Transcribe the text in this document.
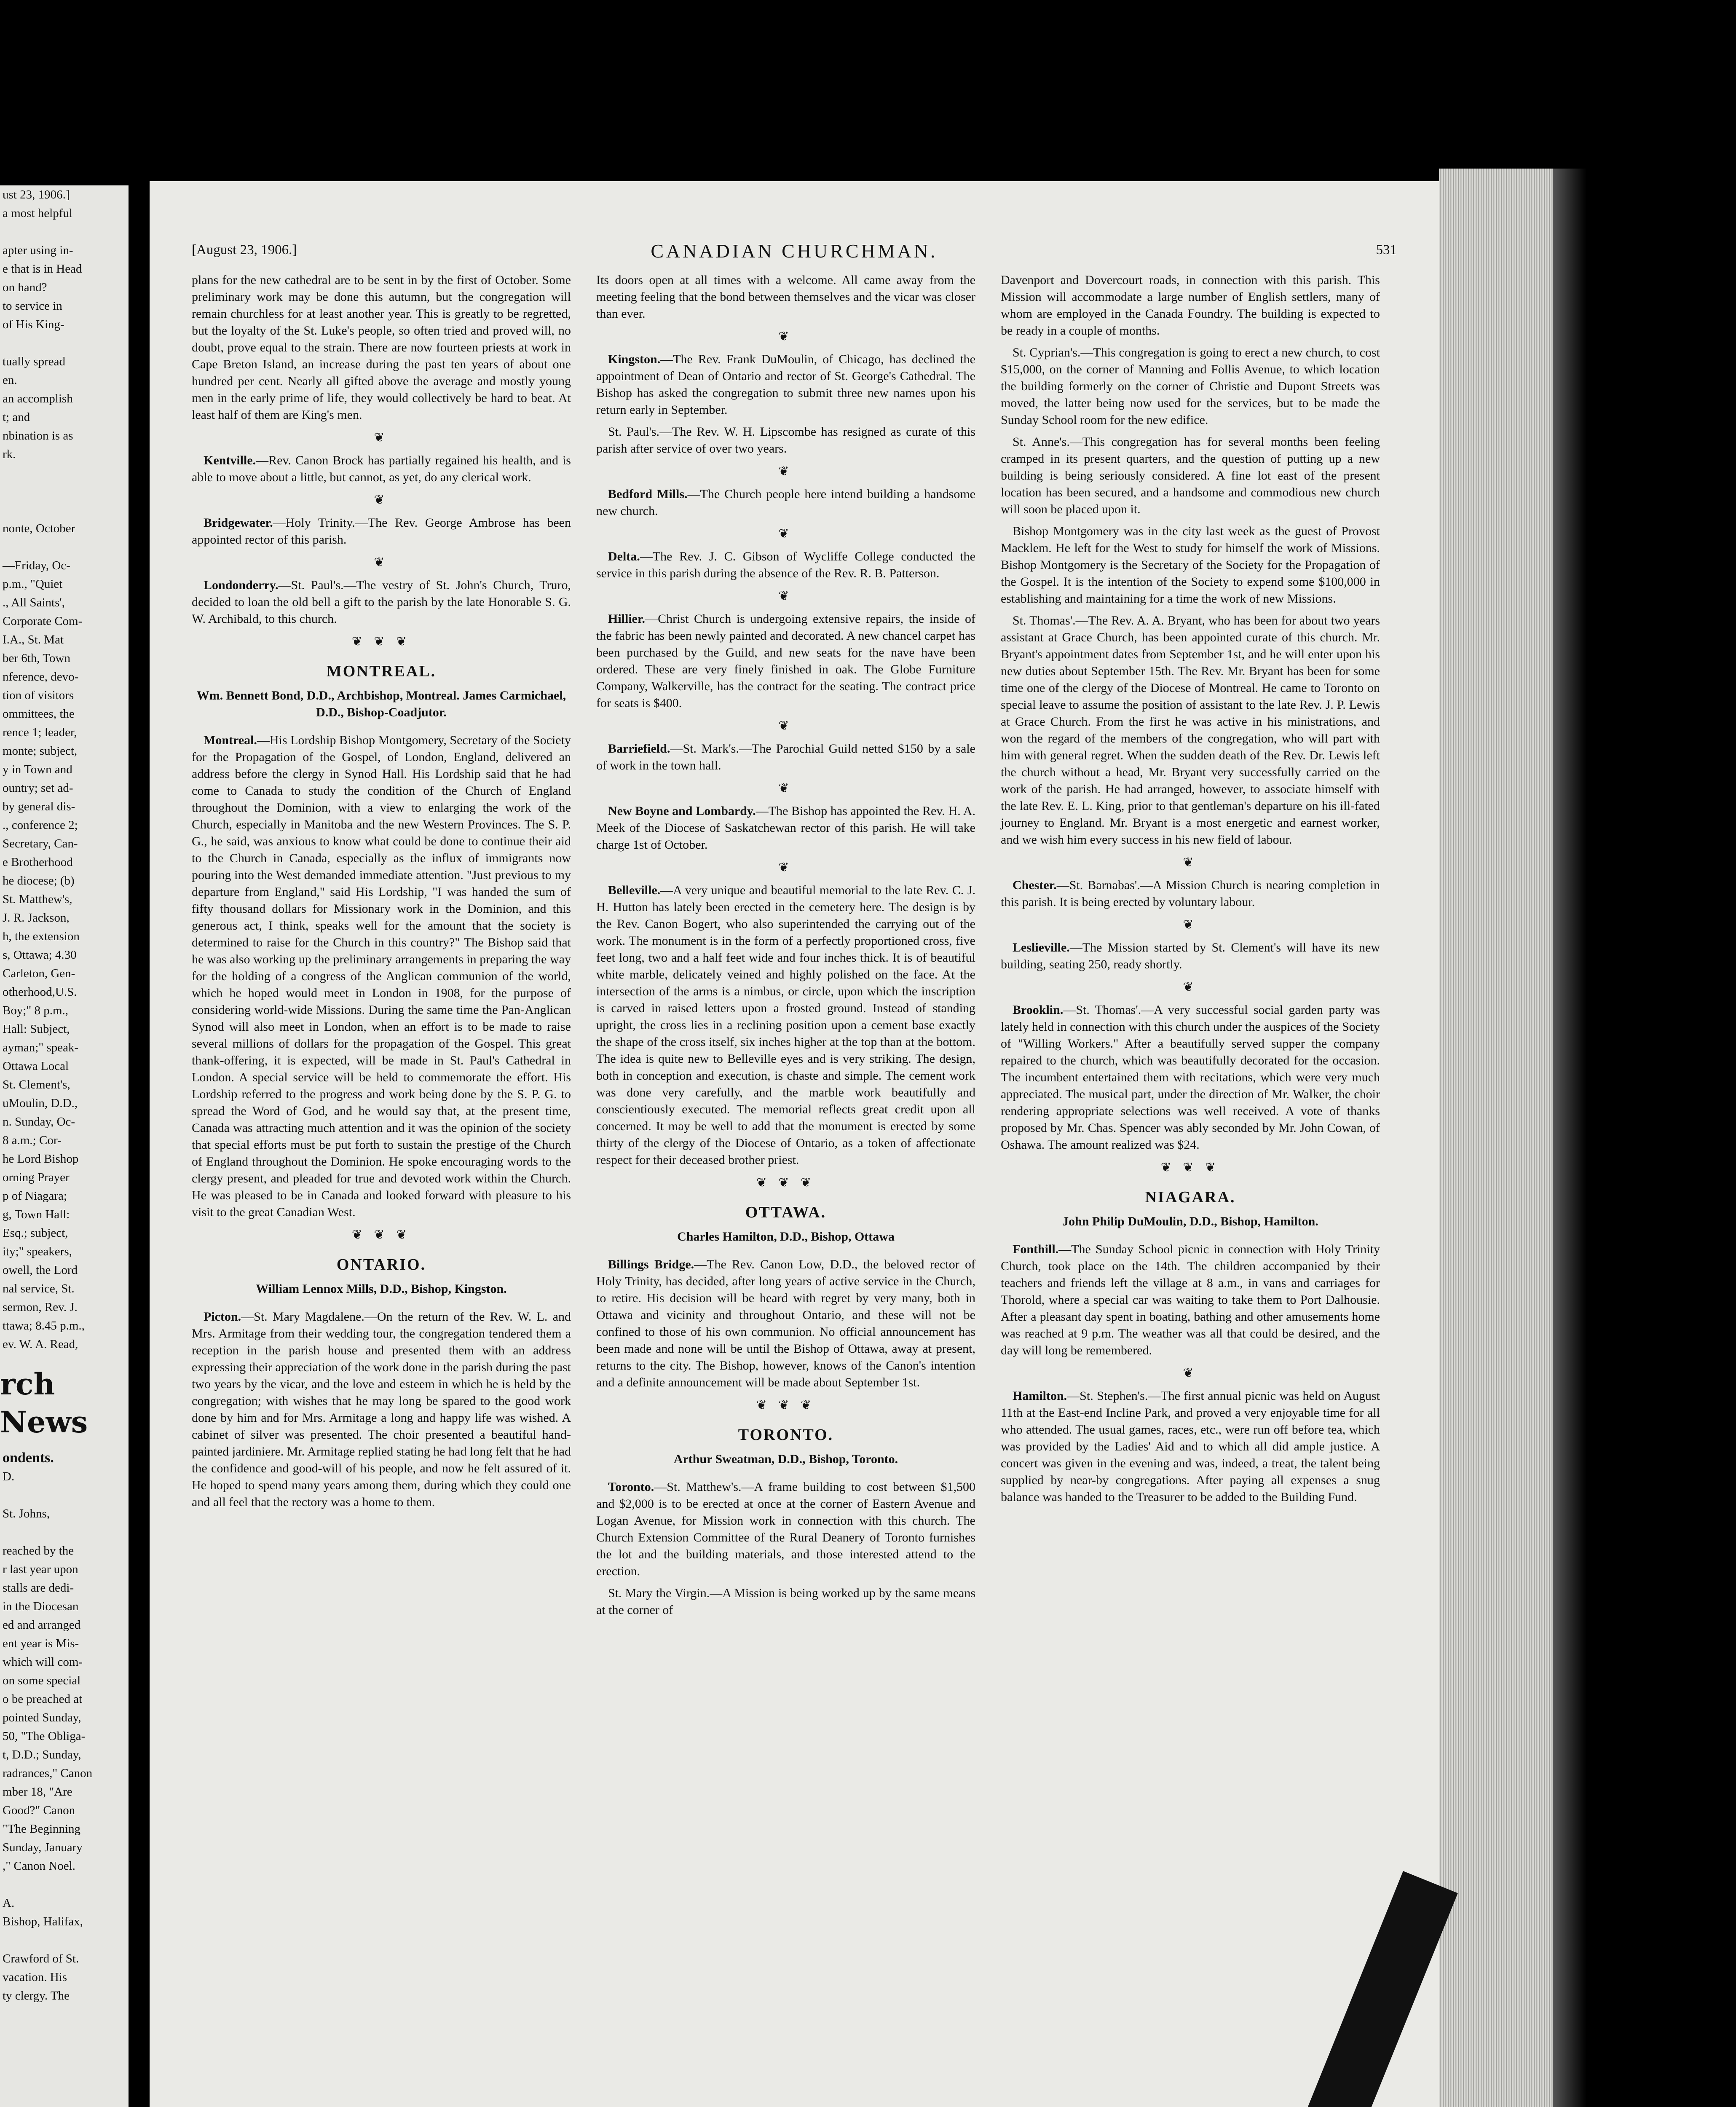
ust 23, 1906.]
a most helpful

apter using in-
e that is in Head
on hand?
to service in
of His King-

tually spread
en.
an accomplish
t; and
nbination is as
rk.

nonte, October

—Friday, Oc-
p.m., "Quiet
., All Saints',
Corporate Com-
I.A., St. Mat
ber 6th, Town
nference, devo-
tion of visitors
ommittees, the
rence 1; leader,
monte; subject,
y in Town and
ountry; set ad-
by general dis-
., conference 2;
Secretary, Can-
e Brotherhood
he diocese; (b)
St. Matthew's,
J. R. Jackson,
h, the extension
s, Ottawa; 4.30
Carleton, Gen-
otherhood,U.S.
Boy;" 8 p.m.,
Hall: Subject,
ayman;" speak-
Ottawa Local
St. Clement's,
uMoulin, D.D.,
n. Sunday, Oc-
8 a.m.; Cor-
he Lord Bishop
orning Prayer
p of Niagara;
g, Town Hall:
Esq.; subject,
ity;" speakers,
owell, the Lord
nal service, St.
sermon, Rev. J.
ttawa; 8.45 p.m.,
ev. W. A. Read,
rch News
ondents.
D.

St. Johns,

reached by the
r last year upon
stalls are dedi-
in the Diocesan
ed and arranged
ent year is Mis-
which will com-
on some special
o be preached at
pointed Sunday,
50, "The Obliga-
t, D.D.; Sunday,
radrances," Canon
mber 18, "Are
Good?" Canon
"The Beginning
Sunday, January
," Canon Noel.

A.
Bishop, Halifax,

Crawford of St.
vacation. His
ty clergy. The
[August 23, 1906.]	CANADIAN CHURCHMAN.	531

plans for the new cathedral are to be sent in by the first of October. Some preliminary work may be done this autumn, but the congregation will remain churchless for at least another year. This is greatly to be regretted, but the loyalty of the St. Luke's people, so often tried and proved will, no doubt, prove equal to the strain. There are now fourteen priests at work in Cape Breton Island, an increase during the past ten years of about one hundred per cent. Nearly all gifted above the average and mostly young men in the early prime of life, they would collectively be hard to beat. At least half of them are King's men.

❦

Kentville.—Rev. Canon Brock has partially regained his health, and is able to move about a little, but cannot, as yet, do any clerical work.

❦

Bridgewater.—Holy Trinity.—The Rev. George Ambrose has been appointed rector of this parish.

❦

Londonderry.—St. Paul's.—The vestry of St. John's Church, Truro, decided to loan the old bell a gift to the parish by the late Honorable S. G. W. Archibald, to this church.

❦ ❦ ❦
MONTREAL.
Wm. Bennett Bond, D.D., Archbishop, Montreal. James Carmichael, D.D., Bishop-Coadjutor.

Montreal.—His Lordship Bishop Montgomery, Secretary of the Society for the Propagation of the Gospel, of London, England, delivered an address before the clergy in Synod Hall. His Lordship said that he had come to Canada to study the condition of the Church of England throughout the Dominion, with a view to enlarging the work of the Church, especially in Manitoba and the new Western Provinces. The S. P. G., he said, was anxious to know what could be done to continue their aid to the Church in Canada, especially as the influx of immigrants now pouring into the West demanded immediate attention. "Just previous to my departure from England," said His Lordship, "I was handed the sum of fifty thousand dollars for Missionary work in the Dominion, and this generous act, I think, speaks well for the amount that the society is determined to raise for the Church in this country?" The Bishop said that he was also working up the preliminary arrangements in preparing the way for the holding of a congress of the Anglican communion of the world, which he hoped would meet in London in 1908, for the purpose of considering world-wide Missions. During the same time the Pan-Anglican Synod will also meet in London, when an effort is to be made to raise several millions of dollars for the propagation of the Gospel. This great thank-offering, it is expected, will be made in St. Paul's Cathedral in London. A special service will be held to commemorate the effort. His Lordship referred to the progress and work being done by the S. P. G. to spread the Word of God, and he would say that, at the present time, Canada was attracting much attention and it was the opinion of the society that special efforts must be put forth to sustain the prestige of the Church of England throughout the Dominion. He spoke encouraging words to the clergy present, and pleaded for true and devoted work within the Church. He was pleased to be in Canada and looked forward with pleasure to his visit to the great Canadian West.

❦ ❦ ❦
ONTARIO.
William Lennox Mills, D.D., Bishop, Kingston.

Picton.—St. Mary Magdalene.—On the return of the Rev. W. L. and Mrs. Armitage from their wedding tour, the congregation tendered them a reception in the parish house and presented them with an address expressing their appreciation of the work done in the parish during the past two years by the vicar, and the love and esteem in which he is held by the congregation; with wishes that he may long be spared to the good work done by him and for Mrs. Armitage a long and happy life was wished. A cabinet of silver was presented. The choir presented a beautiful hand-painted jardiniere. Mr. Armitage replied stating he had long felt that he had the confidence and good-will of his people, and now he felt assured of it. He hoped to spend many years among them, during which they could one and all feel that the rectory was a home to them.

Its doors open at all times with a welcome. All came away from the meeting feeling that the bond between themselves and the vicar was closer than ever.

❦

Kingston.—The Rev. Frank DuMoulin, of Chicago, has declined the appointment of Dean of Ontario and rector of St. George's Cathedral. The Bishop has asked the congregation to submit three new names upon his return early in September.

St. Paul's.—The Rev. W. H. Lipscombe has resigned as curate of this parish after service of over two years.

❦

Bedford Mills.—The Church people here intend building a handsome new church.

❦

Delta.—The Rev. J. C. Gibson of Wycliffe College conducted the service in this parish during the absence of the Rev. R. B. Patterson.

❦

Hillier.—Christ Church is undergoing extensive repairs, the inside of the fabric has been newly painted and decorated. A new chancel carpet has been purchased by the Guild, and new seats for the nave have been ordered. These are very finely finished in oak. The Globe Furniture Company, Walkerville, has the contract for the seating. The contract price for seats is $400.

❦

Barriefield.—St. Mark's.—The Parochial Guild netted $150 by a sale of work in the town hall.

❦

New Boyne and Lombardy.—The Bishop has appointed the Rev. H. A. Meek of the Diocese of Saskatchewan rector of this parish. He will take charge 1st of October.

❦

Belleville.—A very unique and beautiful memorial to the late Rev. C. J. H. Hutton has lately been erected in the cemetery here. The design is by the Rev. Canon Bogert, who also superintended the carrying out of the work. The monument is in the form of a perfectly proportioned cross, five feet long, two and a half feet wide and four inches thick. It is of beautiful white marble, delicately veined and highly polished on the face. At the intersection of the arms is a nimbus, or circle, upon which the inscription is carved in raised letters upon a frosted ground. Instead of standing upright, the cross lies in a reclining position upon a cement base exactly the shape of the cross itself, six inches higher at the top than at the bottom. The idea is quite new to Belleville eyes and is very striking. The design, both in conception and execution, is chaste and simple. The cement work was done very carefully, and the marble work beautifully and conscientiously executed. The memorial reflects great credit upon all concerned. It may be well to add that the monument is erected by some thirty of the clergy of the Diocese of Ontario, as a token of affectionate respect for their deceased brother priest.

❦ ❦ ❦
OTTAWA.
Charles Hamilton, D.D., Bishop, Ottawa

Billings Bridge.—The Rev. Canon Low, D.D., the beloved rector of Holy Trinity, has decided, after long years of active service in the Church, to retire. His decision will be heard with regret by very many, both in Ottawa and vicinity and throughout Ontario, and these will not be confined to those of his own communion. No official announcement has been made and none will be until the Bishop of Ottawa, away at present, returns to the city. The Bishop, however, knows of the Canon's intention and a definite announcement will be made about September 1st.

❦ ❦ ❦
TORONTO.
Arthur Sweatman, D.D., Bishop, Toronto.

Toronto.—St. Matthew's.—A frame building to cost between $1,500 and $2,000 is to be erected at once at the corner of Eastern Avenue and Logan Avenue, for Mission work in connection with this church. The Church Extension Committee of the Rural Deanery of Toronto furnishes the lot and the building materials, and those interested attend to the erection.

St. Mary the Virgin.—A Mission is being worked up by the same means at the corner of

Davenport and Dovercourt roads, in connection with this parish. This Mission will accommodate a large number of English settlers, many of whom are employed in the Canada Foundry. The building is expected to be ready in a couple of months.

St. Cyprian's.—This congregation is going to erect a new church, to cost $15,000, on the corner of Manning and Follis Avenue, to which location the building formerly on the corner of Christie and Dupont Streets was moved, the latter being now used for the services, but to be made the Sunday School room for the new edifice.

St. Anne's.—This congregation has for several months been feeling cramped in its present quarters, and the question of putting up a new building is being seriously considered. A fine lot east of the present location has been secured, and a handsome and commodious new church will soon be placed upon it.

Bishop Montgomery was in the city last week as the guest of Provost Macklem. He left for the West to study for himself the work of Missions. Bishop Montgomery is the Secretary of the Society for the Propagation of the Gospel. It is the intention of the Society to expend some $100,000 in establishing and maintaining for a time the work of new Missions.

St. Thomas'.—The Rev. A. A. Bryant, who has been for about two years assistant at Grace Church, has been appointed curate of this church. Mr. Bryant's appointment dates from September 1st, and he will enter upon his new duties about September 15th. The Rev. Mr. Bryant has been for some time one of the clergy of the Diocese of Montreal. He came to Toronto on special leave to assume the position of assistant to the late Rev. J. P. Lewis at Grace Church. From the first he was active in his ministrations, and won the regard of the members of the congregation, who will part with him with general regret. When the sudden death of the Rev. Dr. Lewis left the church without a head, Mr. Bryant very successfully carried on the work of the parish. He had arranged, however, to associate himself with the late Rev. E. L. King, prior to that gentleman's departure on his ill-fated journey to England. Mr. Bryant is a most energetic and earnest worker, and we wish him every success in his new field of labour.

❦

Chester.—St. Barnabas'.—A Mission Church is nearing completion in this parish. It is being erected by voluntary labour.

❦

Leslieville.—The Mission started by St. Clement's will have its new building, seating 250, ready shortly.

❦

Brooklin.—St. Thomas'.—A very successful social garden party was lately held in connection with this church under the auspices of the Society of "Willing Workers." After a beautifully served supper the company repaired to the church, which was beautifully decorated for the occasion. The incumbent entertained them with recitations, which were very much appreciated. The musical part, under the direction of Mr. Walker, the choir rendering appropriate selections was well received. A vote of thanks proposed by Mr. Chas. Spencer was ably seconded by Mr. John Cowan, of Oshawa. The amount realized was $24.

❦ ❦ ❦
NIAGARA.
John Philip DuMoulin, D.D., Bishop, Hamilton.

Fonthill.—The Sunday School picnic in connection with Holy Trinity Church, took place on the 14th. The children accompanied by their teachers and friends left the village at 8 a.m., in vans and carriages for Thorold, where a special car was waiting to take them to Port Dalhousie. After a pleasant day spent in boating, bathing and other amusements home was reached at 9 p.m. The weather was all that could be desired, and the day will long be remembered.

❦

Hamilton.—St. Stephen's.—The first annual picnic was held on August 11th at the East-end Incline Park, and proved a very enjoyable time for all who attended. The usual games, races, etc., were run off before tea, which was provided by the Ladies' Aid and to which all did ample justice. A concert was given in the evening and was, indeed, a treat, the talent being supplied by near-by congregations. After paying all expenses a snug balance was handed to the Treasurer to be added to the Building Fund.
